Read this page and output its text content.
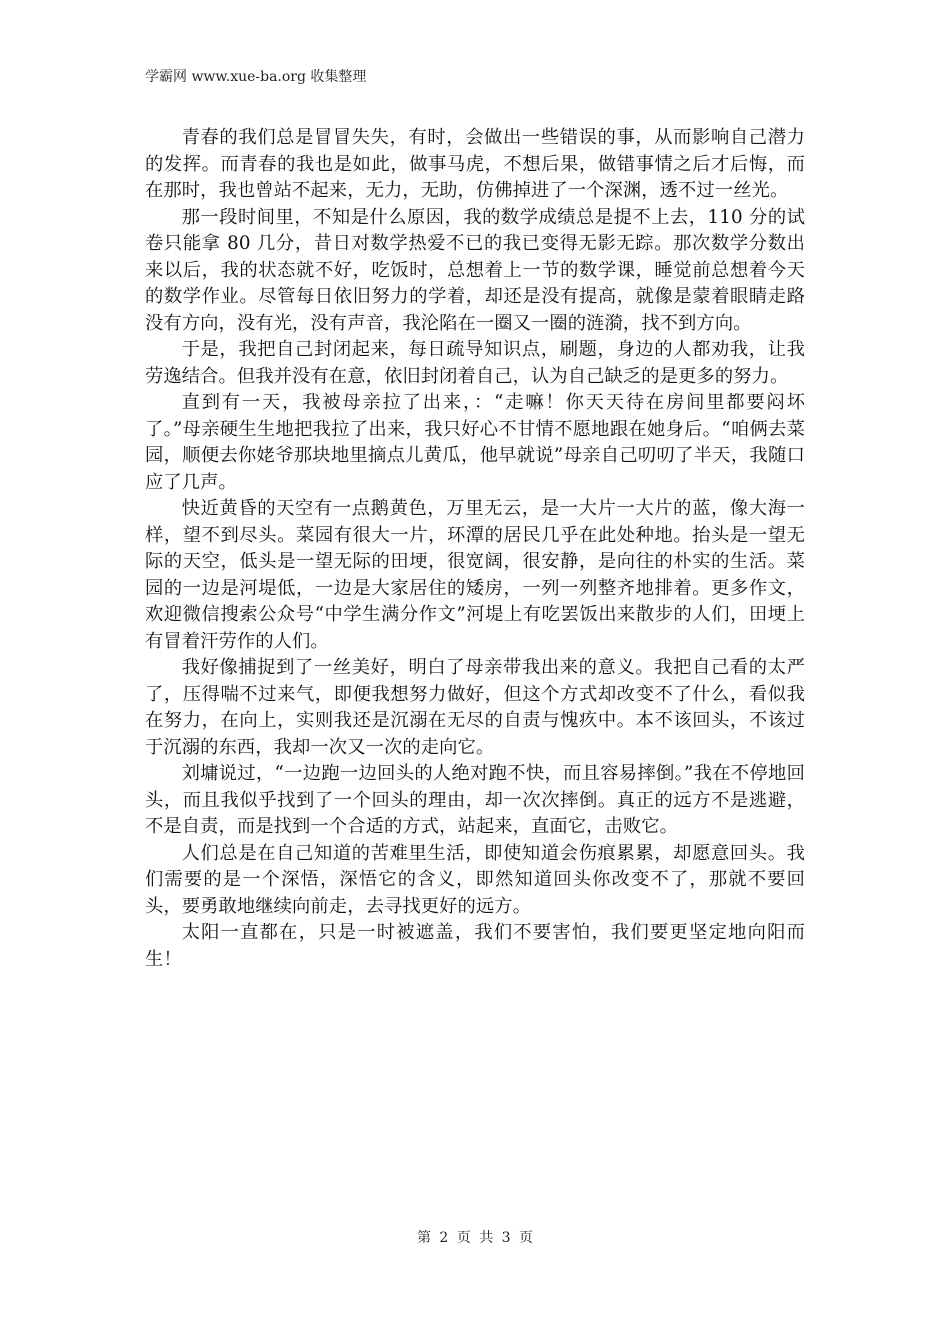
学霸网 www.xue-ba.org 收集整理

青春的我们总是冒冒失失，有时，会做出一些错误的事，从而影响自己潜力的发挥。而青春的我也是如此，做事马虎，不想后果，做错事情之后才后悔，而在那时，我也曾站不起来，无力，无助，仿佛掉进了一个深渊，透不过一丝光。

那一段时间里，不知是什么原因，我的数学成绩总是提不上去，110 分的试卷只能拿 80 几分，昔日对数学热爱不已的我已变得无影无踪。那次数学分数出来以后，我的状态就不好，吃饭时，总想着上一节的数学课，睡觉前总想着今天的数学作业。尽管每日依旧努力的学着，却还是没有提高，就像是蒙着眼睛走路没有方向，没有光，没有声音，我沦陷在一圈又一圈的涟漪，找不到方向。

于是，我把自己封闭起来，每日疏导知识点，刷题，身边的人都劝我，让我劳逸结合。但我并没有在意，依旧封闭着自己，认为自己缺乏的是更多的努力。

直到有一天，我被母亲拉了出来，：“走嘛！你天天待在房间里都要闷坏了。”母亲硬生生地把我拉了出来，我只好心不甘情不愿地跟在她身后。“咱俩去菜园，顺便去你姥爷那块地里摘点儿黄瓜，他早就说”母亲自己叨叨了半天，我随口应了几声。

快近黄昏的天空有一点鹅黄色，万里无云，是一大片一大片的蓝，像大海一样，望不到尽头。菜园有很大一片，环潭的居民几乎在此处种地。抬头是一望无际的天空，低头是一望无际的田埂，很宽阔，很安静，是向往的朴实的生活。菜园的一边是河堤低，一边是大家居住的矮房，一列一列整齐地排着。更多作文，欢迎微信搜索公众号“中学生满分作文”河堤上有吃罢饭出来散步的人们，田埂上有冒着汗劳作的人们。

我好像捕捉到了一丝美好，明白了母亲带我出来的意义。我把自己看的太严了，压得喘不过来气，即便我想努力做好，但这个方式却改变不了什么，看似我在努力，在向上，实则我还是沉溺在无尽的自责与愧疚中。本不该回头，不该过于沉溺的东西，我却一次又一次的走向它。

刘墉说过，“一边跑一边回头的人绝对跑不快，而且容易摔倒。”我在不停地回头，而且我似乎找到了一个回头的理由，却一次次摔倒。真正的远方不是逃避，不是自责，而是找到一个合适的方式，站起来，直面它，击败它。

人们总是在自己知道的苦难里生活，即使知道会伤痕累累，却愿意回头。我们需要的是一个深悟，深悟它的含义，即然知道回头你改变不了，那就不要回头，要勇敢地继续向前走，去寻找更好的远方。

太阳一直都在，只是一时被遮盖，我们不要害怕，我们要更坚定地向阳而生！

第 2 页 共 3 页
